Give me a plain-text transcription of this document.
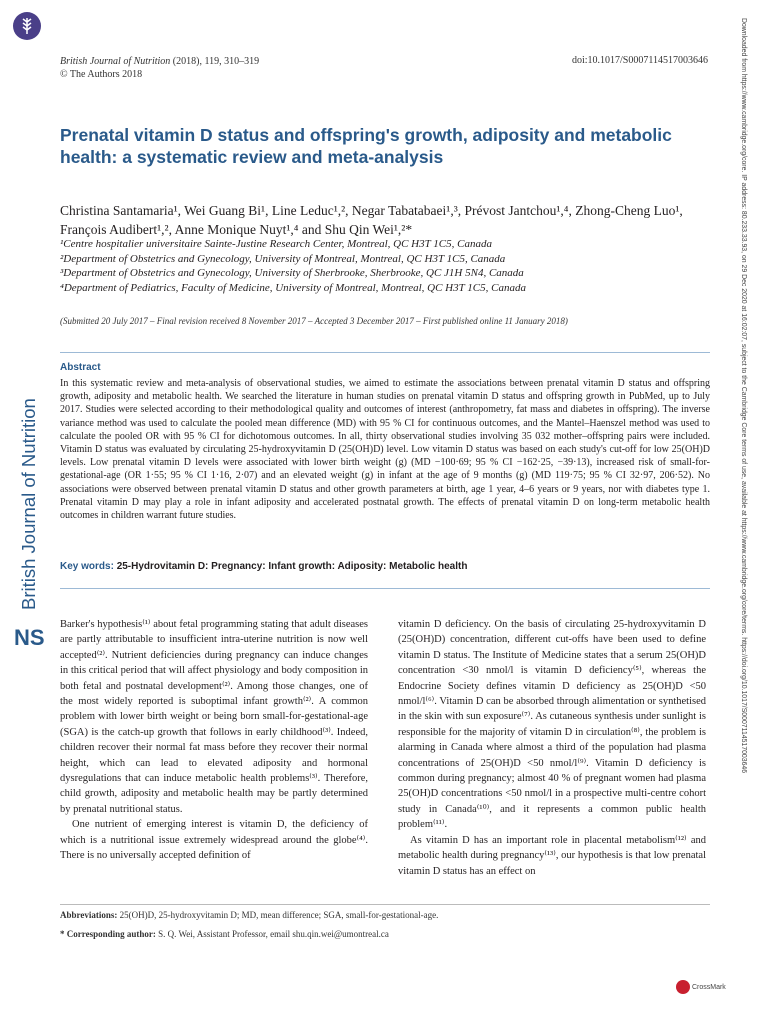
British Journal of Nutrition (2018), 119, 310–319
© The Authors 2018
doi:10.1017/S0007114517003646
Prenatal vitamin D status and offspring's growth, adiposity and metabolic health: a systematic review and meta-analysis
Christina Santamaria¹, Wei Guang Bi¹, Line Leduc¹,², Negar Tabatabaei¹,³, Prévost Jantchou¹,⁴, Zhong-Cheng Luo¹, François Audibert¹,², Anne Monique Nuyt¹,⁴ and Shu Qin Wei¹,²*
¹Centre hospitalier universitaire Sainte-Justine Research Center, Montreal, QC H3T 1C5, Canada
²Department of Obstetrics and Gynecology, University of Montreal, Montreal, QC H3T 1C5, Canada
³Department of Obstetrics and Gynecology, University of Sherbrooke, Sherbrooke, QC J1H 5N4, Canada
⁴Department of Pediatrics, Faculty of Medicine, University of Montreal, Montreal, QC H3T 1C5, Canada
(Submitted 20 July 2017 – Final revision received 8 November 2017 – Accepted 3 December 2017 – First published online 11 January 2018)
Abstract
In this systematic review and meta-analysis of observational studies, we aimed to estimate the associations between prenatal vitamin D status and offspring growth, adiposity and metabolic health. We searched the literature in human studies on prenatal vitamin D status and offspring growth in PubMed, up to July 2017. Studies were selected according to their methodological quality and outcomes of interest (anthropometry, fat mass and diabetes in offspring). The inverse variance method was used to calculate the pooled mean difference (MD) with 95 % CI for continuous outcomes, and the Mantel–Haenszel method was used to calculate the pooled OR with 95 % CI for dichotomous outcomes. In all, thirty observational studies involving 35 032 mother–offspring pairs were included. Vitamin D status was evaluated by circulating 25-hydroxyvitamin D (25(OH)D) level. Low vitamin D status was based on each study's cut-off for low 25(OH)D levels. Low prenatal vitamin D levels were associated with lower birth weight (g) (MD −100·69; 95 % CI −162·25, −39·13), increased risk of small-for-gestational-age (OR 1·55; 95 % CI 1·16, 2·07) and an elevated weight (g) in infant at the age of 9 months (g) (MD 119·75; 95 % CI 32·97, 206·52). No associations were observed between prenatal vitamin D status and other growth parameters at birth, age 1 year, 4–6 years or 9 years, nor with diabetes type 1. Prenatal vitamin D may play a role in infant adiposity and accelerated postnatal growth. The effects of prenatal vitamin D on long-term metabolic health outcomes in children warrant future studies.
Key words: 25-Hydrovitamin D: Pregnancy: Infant growth: Adiposity: Metabolic health

Barker's hypothesis⁽¹⁾ about fetal programming stating that adult diseases are partly attributable to insufficient intra-uterine nutrition is now well accepted⁽²⁾. Nutrient deficiencies during pregnancy can induce changes in this critical period that will affect physiology and body composition in both fetal and postnatal development⁽²⁾. Among those changes, one of the most widely reported is suboptimal infant growth⁽²⁾. A common problem with lower birth weight or being born small-for-gestational-age (SGA) is the catch-up growth that follows in early childhood⁽³⁾. Indeed, children recover their normal fat mass before they recover their normal height, which can lead to elevated adiposity and hormonal dysregulations that can induce metabolic health problems⁽³⁾. Therefore, child growth, adiposity and metabolic health may be partly determined by prenatal nutritional status.

One nutrient of emerging interest is vitamin D, the deficiency of which is a nutritional issue extremely widespread around the globe⁽⁴⁾. There is no universally accepted definition of

vitamin D deficiency. On the basis of circulating 25-hydroxyvitamin D (25(OH)D) concentration, different cut-offs have been used to define vitamin D status. The Institute of Medicine states that a serum 25(OH)D concentration <30 nmol/l is vitamin D deficiency⁽⁵⁾, whereas the Endocrine Society defines vitamin D deficiency as 25(OH)D <50 nmol/l⁽⁶⁾. Vitamin D can be absorbed through alimentation or synthetised in the skin with sun exposure⁽⁷⁾. As cutaneous synthesis under sunlight is responsible for the majority of vitamin D in circulation⁽⁸⁾, the problem is alarming in Canada where almost a third of the population had plasma concentrations of 25(OH)D <50 nmol/l⁽⁹⁾. Vitamin D deficiency is common during pregnancy; almost 40 % of pregnant women had plasma 25(OH)D concentrations <50 nmol/l in a prospective multi-centre cohort study in Canada⁽¹⁰⁾, and it represents a common public health problem⁽¹¹⁾.

As vitamin D has an important role in placental metabolism⁽¹²⁾ and metabolic health during pregnancy⁽¹³⁾, our hypothesis is that low prenatal vitamin D status has an effect on

Abbreviations: 25(OH)D, 25-hydroxyvitamin D; MD, mean difference; SGA, small-for-gestational-age.
* Corresponding author: S. Q. Wei, Assistant Professor, email shu.qin.wei@umontreal.ca
British Journal of Nutrition
NS	Downloaded from https://www.cambridge.org/core. IP address: 80.233.33.93, on 29 Dec 2020 at 16:02:07, subject to the Cambridge Core terms of use, available at https://www.cambridge.org/core/terms. https://doi.org/10.1017/S0007114517003646
CrossMark
